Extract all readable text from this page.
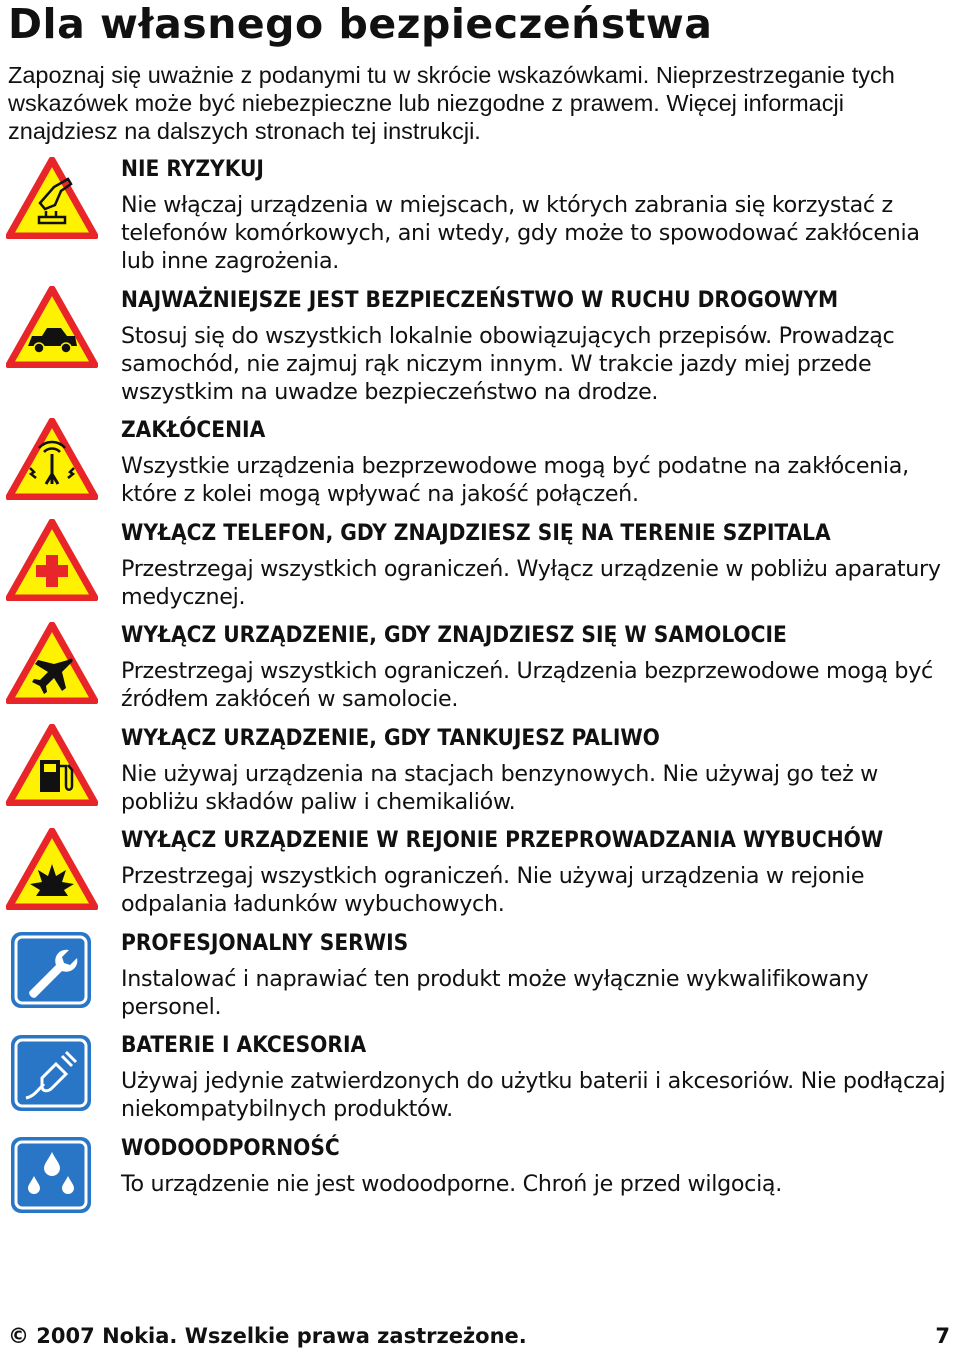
Dla własnego bezpieczeństwa

Zapoznaj się uważnie z podanymi tu w skrócie wskazówkami. Nieprzestrzeganie tych wskazówek może być niebezpieczne lub niezgodne z prawem. Więcej informacji znajdziesz na dalszych stronach tej instrukcji.

NIE RYZYKUJ

Nie włączaj urządzenia w miejscach, w których zabrania się korzystać z telefonów komórkowych, ani wtedy, gdy może to spowodować zakłócenia lub inne zagrożenia.

NAJWAŻNIEJSZE JEST BEZPIECZEŃSTWO W RUCHU DROGOWYM

Stosuj się do wszystkich lokalnie obowiązujących przepisów. Prowadząc samochód, nie zajmuj rąk niczym innym. W trakcie jazdy miej przede wszystkim na uwadze bezpieczeństwo na drodze.

ZAKŁÓCENIA

Wszystkie urządzenia bezprzewodowe mogą być podatne na zakłócenia, które z kolei mogą wpływać na jakość połączeń.

WYŁĄCZ TELEFON, GDY ZNAJDZIESZ SIĘ NA TERENIE SZPITALA

Przestrzegaj wszystkich ograniczeń. Wyłącz urządzenie w pobliżu aparatury medycznej.

WYŁĄCZ URZĄDZENIE, GDY ZNAJDZIESZ SIĘ W SAMOLOCIE

Przestrzegaj wszystkich ograniczeń. Urządzenia bezprzewodowe mogą być źródłem zakłóceń w samolocie.

WYŁĄCZ URZĄDZENIE, GDY TANKUJESZ PALIWO

Nie używaj urządzenia na stacjach benzynowych. Nie używaj go też w pobliżu składów paliw i chemikaliów.

WYŁĄCZ URZĄDZENIE W REJONIE PRZEPROWADZANIA WYBUCHÓW

Przestrzegaj wszystkich ograniczeń. Nie używaj urządzenia w rejonie odpalania ładunków wybuchowych.

PROFESJONALNY SERWIS

Instalować i naprawiać ten produkt może wyłącznie wykwalifikowany personel.

BATERIE I AKCESORIA

Używaj jedynie zatwierdzonych do użytku baterii i akcesoriów. Nie podłączaj niekompatybilnych produktów.

WODOODPORNOŚĆ

To urządzenie nie jest wodoodporne. Chroń je przed wilgocią.

© 2007 Nokia. Wszelkie prawa zastrzeżone.	7
